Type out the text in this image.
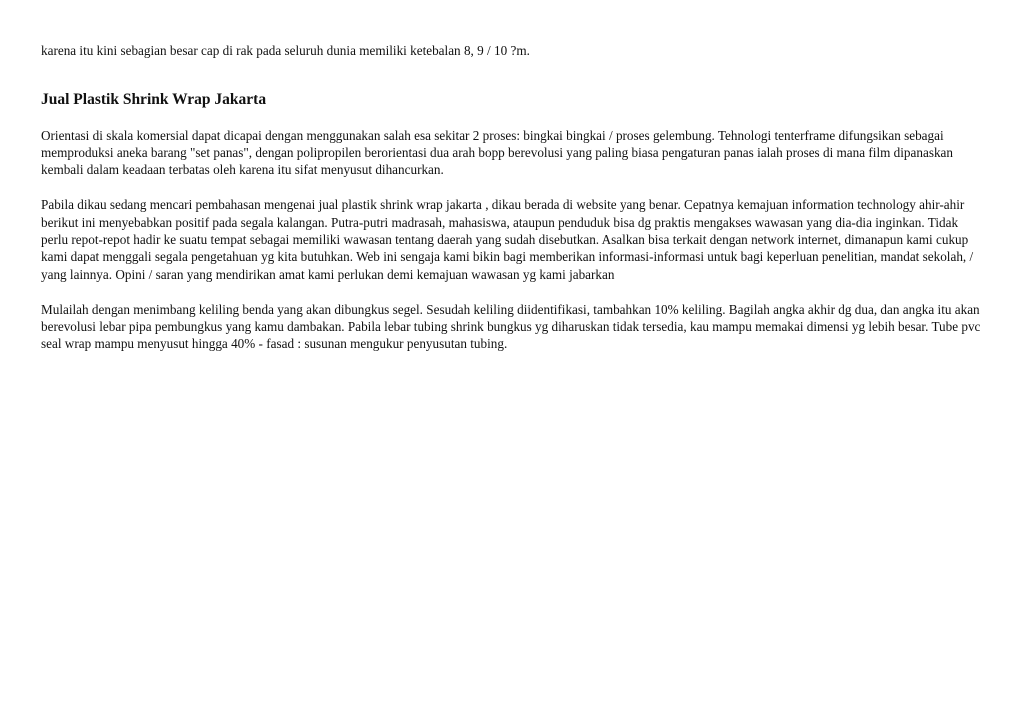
karena itu kini sebagian besar cap di rak pada seluruh dunia memiliki ketebalan 8, 9 / 10 ?m.

Jual Plastik Shrink Wrap Jakarta

Orientasi di skala komersial dapat dicapai dengan menggunakan salah esa sekitar 2 proses: bingkai bingkai / proses gelembung. Tehnologi tenterframe difungsikan sebagai memproduksi aneka barang "set panas", dengan polipropilen berorientasi dua arah bopp berevolusi yang paling biasa pengaturan panas ialah proses di mana film dipanaskan kembali dalam keadaan terbatas oleh karena itu sifat menyusut dihancurkan.

Pabila dikau sedang mencari pembahasan mengenai jual plastik shrink wrap jakarta , dikau berada di website yang benar. Cepatnya kemajuan information technology ahir-ahir berikut ini menyebabkan positif pada segala kalangan. Putra-putri madrasah, mahasiswa, ataupun penduduk bisa dg praktis mengakses wawasan yang dia-dia inginkan. Tidak perlu repot-repot hadir ke suatu tempat sebagai memiliki wawasan tentang daerah yang sudah disebutkan. Asalkan bisa terkait dengan network internet, dimanapun kami cukup kami dapat menggali segala pengetahuan yg kita butuhkan. Web ini sengaja kami bikin bagi memberikan informasi-informasi untuk bagi keperluan penelitian, mandat sekolah, / yang lainnya. Opini / saran yang mendirikan amat kami perlukan demi kemajuan wawasan yg kami jabarkan

Mulailah dengan menimbang keliling benda yang akan dibungkus segel. Sesudah keliling diidentifikasi, tambahkan 10% keliling. Bagilah angka akhir dg dua, dan angka itu akan berevolusi lebar pipa pembungkus yang kamu dambakan. Pabila lebar tubing shrink bungkus yg diharuskan tidak tersedia, kau mampu memakai dimensi yg lebih besar. Tube pvc seal wrap mampu menyusut hingga 40% - fasad : susunan mengukur penyusutan tubing.
